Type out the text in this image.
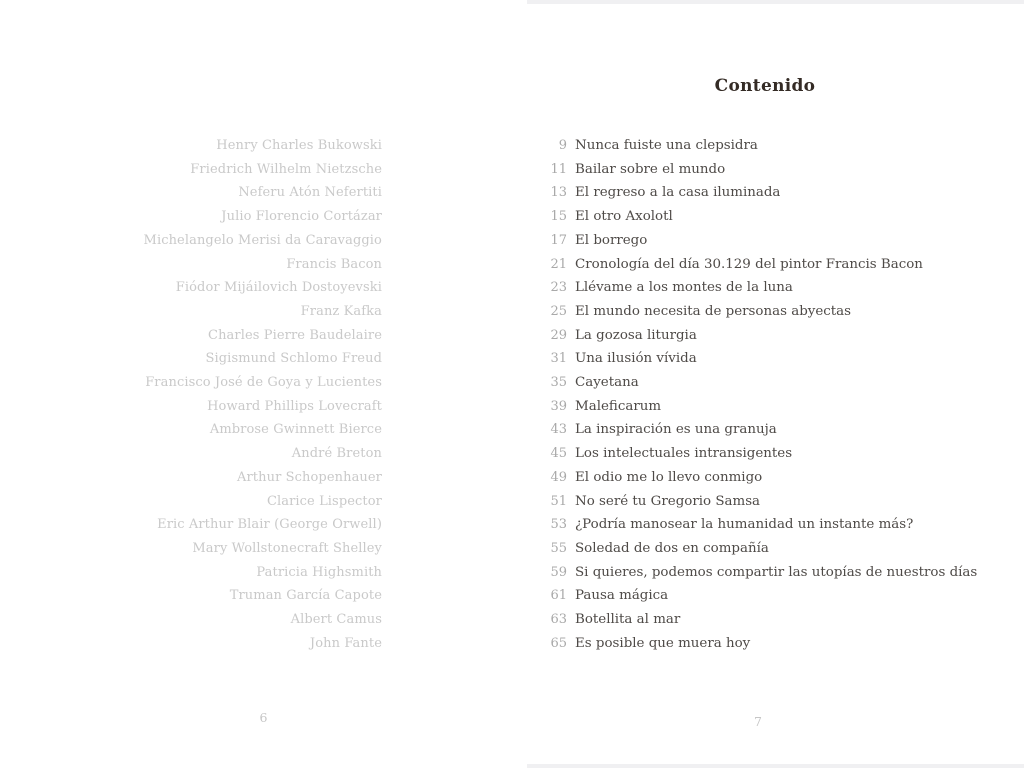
Henry Charles Bukowski
Friedrich Wilhelm Nietzsche
Neferu Atón Nefertiti
Julio Florencio Cortázar
Michelangelo Merisi da Caravaggio
Francis Bacon
Fiódor Mijáilovich Dostoyevski
Franz Kafka
Charles Pierre Baudelaire
Sigismund Schlomo Freud
Francisco José de Goya y Lucientes
Howard Phillips Lovecraft
Ambrose Gwinnett Bierce
André Breton
Arthur Schopenhauer
Clarice Lispector
Eric Arthur Blair (George Orwell)
Mary Wollstonecraft Shelley
Patricia Highsmith
Truman García Capote
Albert Camus
John Fante
6
Contenido
9 Nunca fuiste una clepsidra
11 Bailar sobre el mundo
13 El regreso a la casa iluminada
15 El otro Axolotl
17 El borrego
21 Cronología del día 30.129 del pintor Francis Bacon
23 Llévame a los montes de la luna
25 El mundo necesita de personas abyectas
29 La gozosa liturgia
31 Una ilusión vívida
35 Cayetana
39 Maleficarum
43 La inspiración es una granuja
45 Los intelectuales intransigentes
49 El odio me lo llevo conmigo
51 No seré tu Gregorio Samsa
53 ¿Podría manosear la humanidad un instante más?
55 Soledad de dos en compañía
59 Si quieres, podemos compartir las utopías de nuestros días
61 Pausa mágica
63 Botellita al mar
65 Es posible que muera hoy
7
